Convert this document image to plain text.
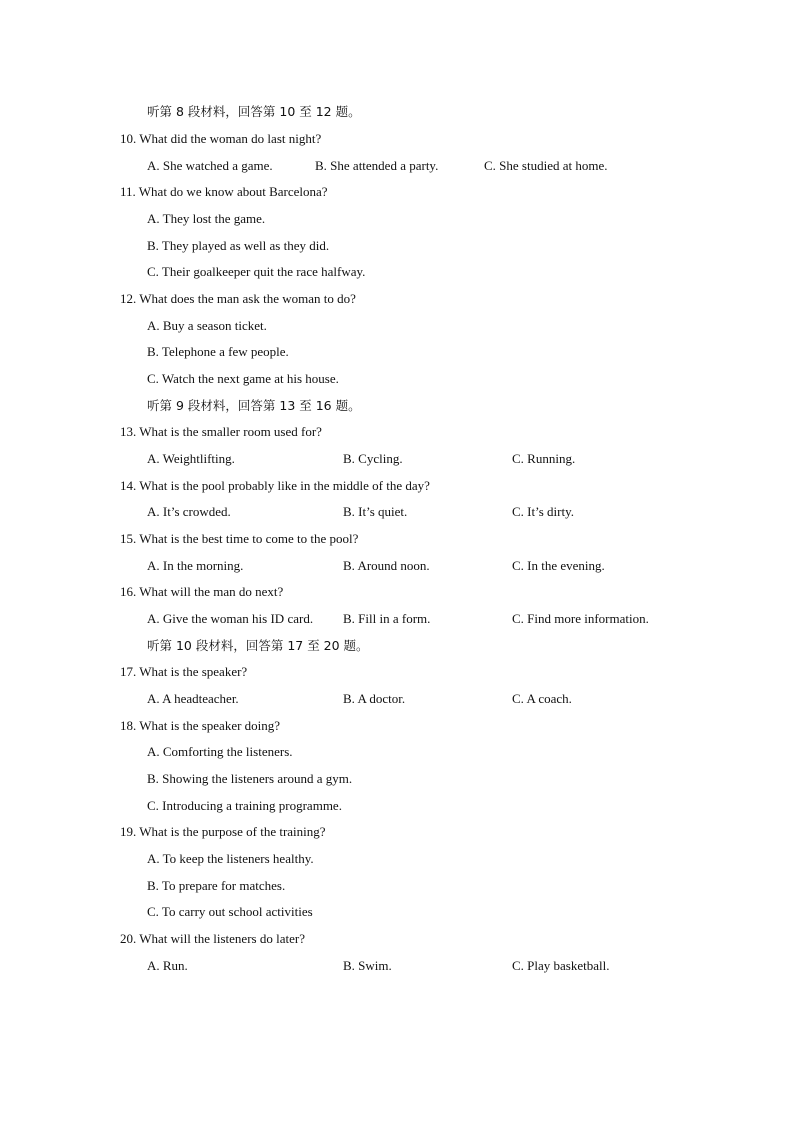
听第 8 段材料，回答第 10 至 12 题。
10. What did the woman do last night?
A. She watched a game.	B. She attended a party.	C. She studied at home.
11. What do we know about Barcelona?
A. They lost the game.
B. They played as well as they did.
C. Their goalkeeper quit the race halfway.
12. What does the man ask the woman to do?
A. Buy a season ticket.
B. Telephone a few people.
C. Watch the next game at his house.
听第 9 段材料，回答第 13 至 16 题。
13. What is the smaller room used for?
A. Weightlifting.	B. Cycling.	C. Running.
14. What is the pool probably like in the middle of the day?
A. It’s crowded.	B. It’s quiet.	C. It’s dirty.
15. What is the best time to come to the pool?
A. In the morning.	B. Around noon.	C. In the evening.
16. What will the man do next?
A. Give the woman his ID card. B. Fill in a form.	C. Find more information.
听第 10 段材料，回答第 17 至 20 题。
17. What is the speaker?
A. A headteacher.	B. A doctor.	C. A coach.
18. What is the speaker doing?
A. Comforting the listeners.
B. Showing the listeners around a gym.
C. Introducing a training programme.
19. What is the purpose of the training?
A. To keep the listeners healthy.
B. To prepare for matches.
C. To carry out school activities
20. What will the listeners do later?
A. Run.	B. Swim.	C. Play basketball.
